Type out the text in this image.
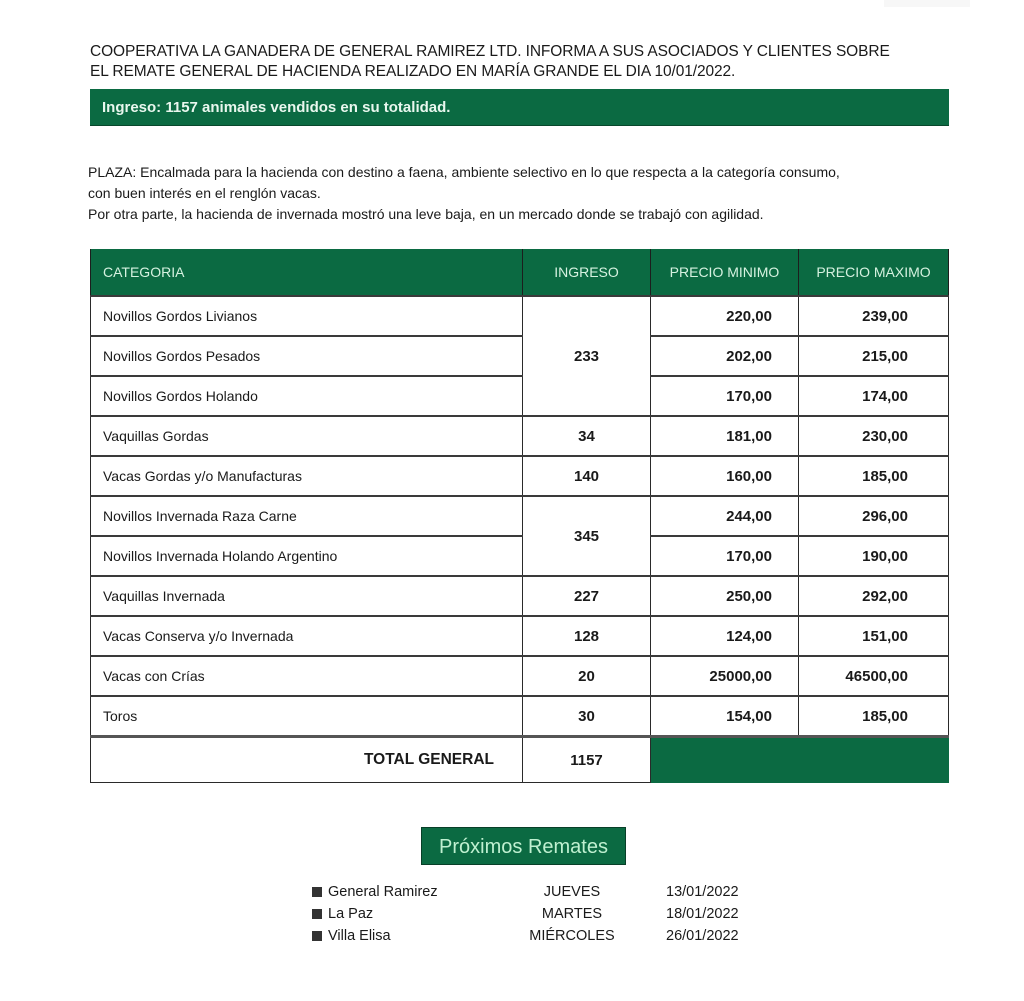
COOPERATIVA LA GANADERA DE GENERAL RAMIREZ LTD. INFORMA A SUS ASOCIADOS Y CLIENTES SOBRE
EL REMATE GENERAL DE HACIENDA REALIZADO EN MARÍA GRANDE EL DIA 10/01/2022.
Ingreso: 1157 animales vendidos en su totalidad.
PLAZA: Encalmada para la hacienda con destino a faena, ambiente selectivo en lo que respecta a la categoría consumo,
con buen interés en el renglón vacas.
Por otra parte, la hacienda de invernada mostró una leve baja, en un mercado donde se trabajó con agilidad.
CATEGORIA	INGRESO	PRECIO MINIMO	PRECIO MAXIMO
Novillos Gordos Livianos	233	220,00	239,00
Novillos Gordos Pesados		202,00	215,00
Novillos Gordos Holando		170,00	174,00
Vaquillas Gordas	34	181,00	230,00
Vacas Gordas y/o Manufacturas	140	160,00	185,00
Novillos Invernada Raza Carne	345	244,00	296,00
Novillos Invernada Holando Argentino		170,00	190,00
Vaquillas Invernada	227	250,00	292,00
Vacas Conserva y/o Invernada	128	124,00	151,00
Vacas con Crías	20	25000,00	46500,00
Toros	30	154,00	185,00
TOTAL GENERAL	1157		
Próximos Remates
General Ramirez	JUEVES	13/01/2022
La Paz	MARTES	18/01/2022
Villa Elisa	MIÉRCOLES	26/01/2022
